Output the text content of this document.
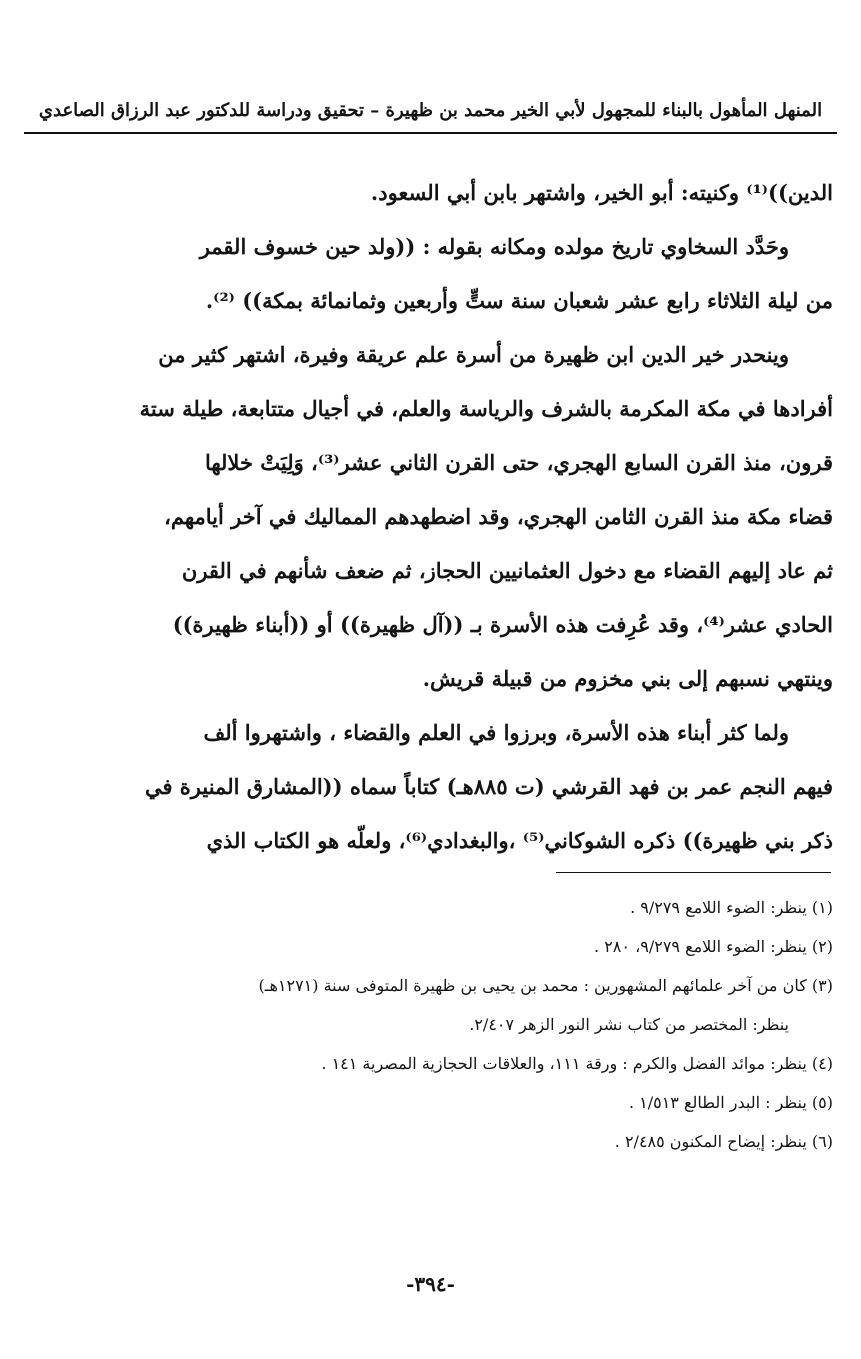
المنهل المأهول بالبناء للمجهول لأبي الخير محمد بن ظهيرة – تحقيق ودراسة للدكتور عبد الرزاق الصاعدي
الدين))⁽¹⁾ وكنيته: أبو الخير، واشتهر بابن أبي السعود.
وحَدَّد السخاوي تاريخ مولده ومكانه بقوله : ((ولد حين خسوف القمر
من ليلة الثلاثاء رابع عشر شعبان سنة ستٍّ وأربعين وثمانمائة بمكة)) ⁽²⁾.
وينحدر خير الدين ابن ظهيرة من أسرة علم عريقة وفيرة، اشتهر كثير من
أفرادها في مكة المكرمة بالشرف والرياسة والعلم، في أجيال متتابعة، طيلة ستة
قرون، منذ القرن السابع الهجري، حتى القرن الثاني عشر⁽³⁾، وَلِيَتْ خلالها
قضاء مكة منذ القرن الثامن الهجري، وقد اضطهدهم المماليك في آخر أيامهم،
ثم عاد إليهم القضاء مع دخول العثمانيين الحجاز، ثم ضعف شأنهم في القرن
الحادي عشر⁽⁴⁾، وقد عُرِفت هذه الأسرة بـ ((آل ظهيرة)) أو ((أبناء ظهيرة))
وينتهي نسبهم إلى بني مخزوم من قبيلة قريش.
ولما كثر أبناء هذه الأسرة، وبرزوا في العلم والقضاء ، واشتهروا ألف
فيهم النجم عمر بن فهد القرشي (ت ٨٨٥هـ) كتاباً سماه ((المشارق المنيرة في
ذكر بني ظهيرة)) ذكره الشوكاني⁽⁵⁾ ،والبغدادي⁽⁶⁾، ولعلّه هو الكتاب الذي
(١) ينظر: الضوء اللامع ٩/٢٧٩ .
(٢) ينظر: الضوء اللامع ٩/٢٧٩، ٢٨٠ .
(٣) كان من آخر علمائهم المشهورين : محمد بن يحيى بن ظهيرة المتوفى سنة (١٢٧١هـ)
ينظر: المختصر من كتاب نشر النور الزهر ٢/٤٠٧.
(٤) ينظر: موائد الفضل والكرم : ورقة ١١١، والعلاقات الحجازية المصرية ١٤١ .
(٥) ينظر : البدر الطالع ١/٥١٣ .
(٦) ينظر: إيضاح المكنون ٢/٤٨٥ .
-٣٩٤-
